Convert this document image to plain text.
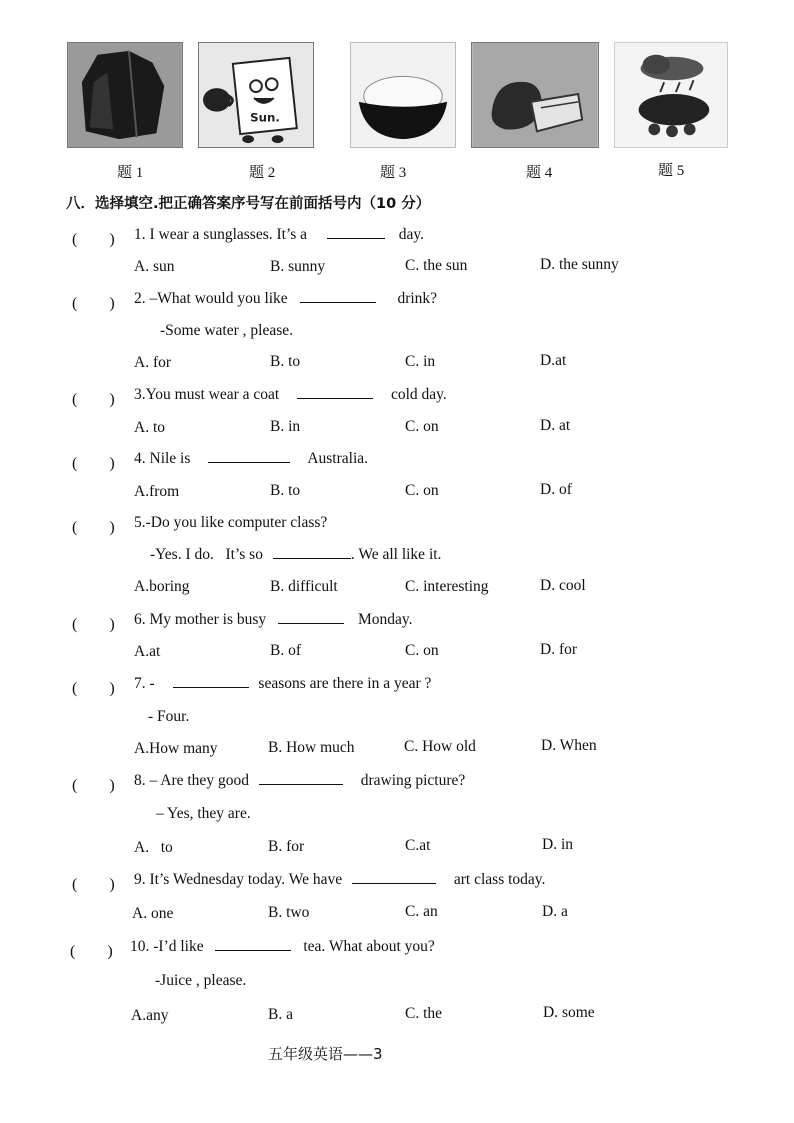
Sun.
题 1	题 2	题 3	题 4	题 5
八．选择填空.把正确答案序号写在前面括号内（10 分）
(　　) 1. I wear a sunglasses. It’s a	day.
A. sun	B. sunny	C. the sun	D. the sunny
(　　) 2. –What would you like	drink?
-Some water , please.
A. for	B. to	C. in	D.at
(　　) 3.You must wear a coat	cold day.
A. to	B. in	C. on	D. at
(　　) 4. Nile is	Australia.
A.from	B. to	C. on	D. of
(　　) 5.-Do you like computer class?
-Yes. I do.   It’s so	. We all like it.
A.boring	B. difficult	C. interesting	D. cool
(　　) 6. My mother is busy	Monday.
A.at	B. of	C. on	D. for
(　　) 7. -	seasons are there in a year ?
- Four.
A.How many	B. How much	C. How old	D. When
(　　) 8. – Are they good	drawing picture?
– Yes, they are.
A.   to	B. for	C.at	D. in
(　　) 9. It’s Wednesday today. We have	art class today.
A. one	B. two	C. an	D. a
(　　) 10. -I’d like	tea. What about you?
-Juice , please.
A.any	B. a	C. the	D. some
五年级英语——3
